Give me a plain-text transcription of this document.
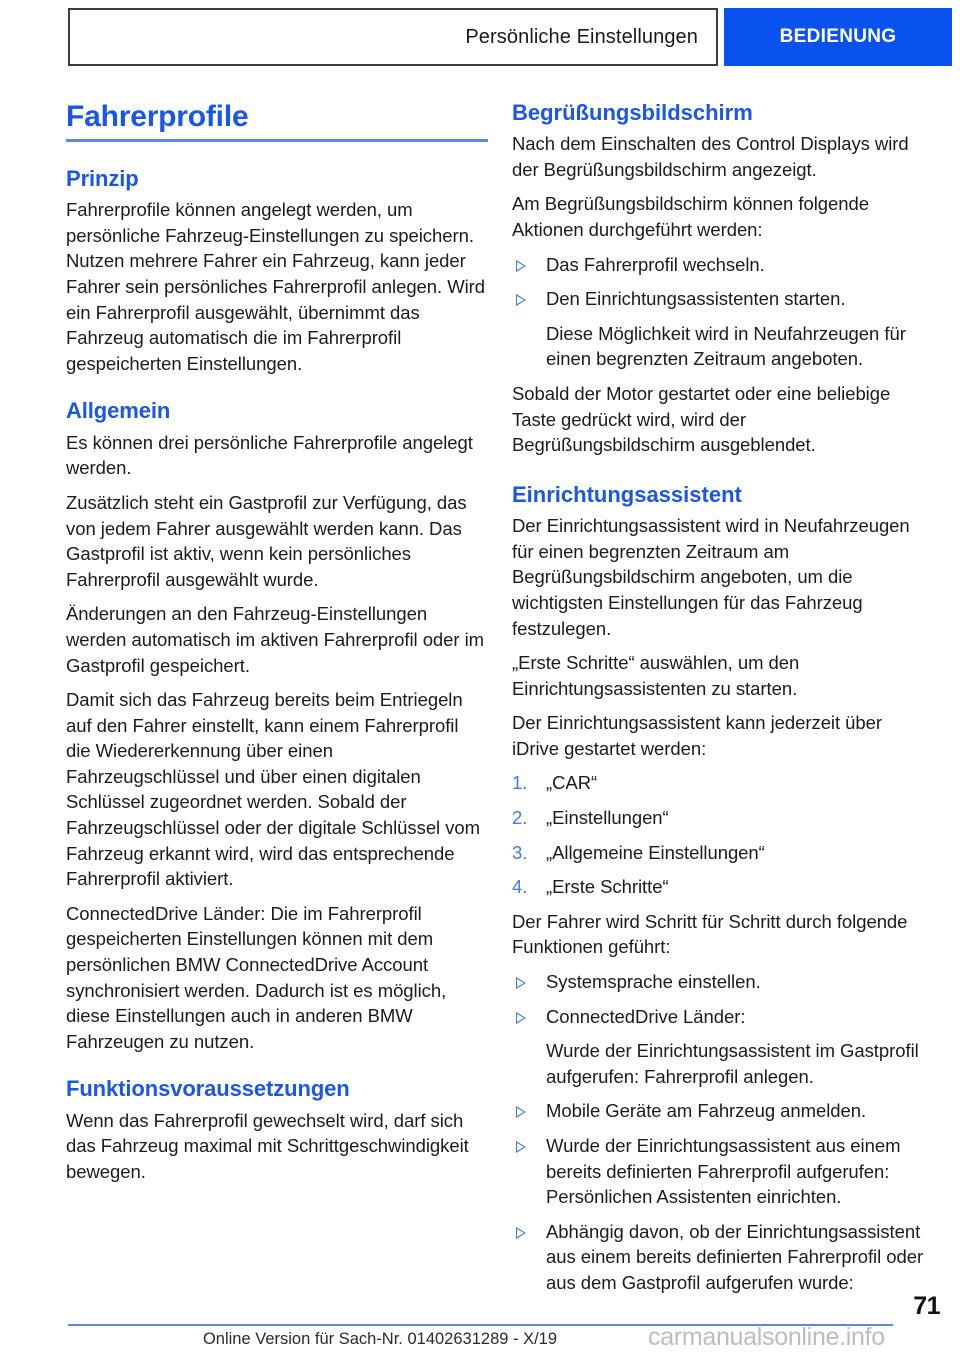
Persönliche Einstellungen	BEDIENUNG
Fahrerprofile
Prinzip

Fahrerprofile können angelegt werden, um persönliche Fahrzeug-Einstellungen zu speichern. Nutzen mehrere Fahrer ein Fahrzeug, kann jeder Fahrer sein persönliches Fahrerprofil anlegen. Wird ein Fahrerprofil ausgewählt, übernimmt das Fahrzeug automatisch die im Fahrerprofil gespeicherten Einstellungen.

Allgemein

Es können drei persönliche Fahrerprofile angelegt werden.

Zusätzlich steht ein Gastprofil zur Verfügung, das von jedem Fahrer ausgewählt werden kann. Das Gastprofil ist aktiv, wenn kein persönliches Fahrerprofil ausgewählt wurde.

Änderungen an den Fahrzeug-Einstellungen werden automatisch im aktiven Fahrerprofil oder im Gastprofil gespeichert.

Damit sich das Fahrzeug bereits beim Entriegeln auf den Fahrer einstellt, kann einem Fahrerprofil die Wiedererkennung über einen Fahrzeugschlüssel und über einen digitalen Schlüssel zugeordnet werden. Sobald der Fahrzeugschlüssel oder der digitale Schlüssel vom Fahrzeug erkannt wird, wird das entsprechende Fahrerprofil aktiviert.

ConnectedDrive Länder: Die im Fahrerprofil gespeicherten Einstellungen können mit dem persönlichen BMW ConnectedDrive Account synchronisiert werden. Dadurch ist es möglich, diese Einstellungen auch in anderen BMW Fahrzeugen zu nutzen.

Funktionsvoraussetzungen

Wenn das Fahrerprofil gewechselt wird, darf sich das Fahrzeug maximal mit Schrittgeschwindigkeit bewegen.

Begrüßungsbildschirm

Nach dem Einschalten des Control Displays wird der Begrüßungsbildschirm angezeigt.

Am Begrüßungsbildschirm können folgende Aktionen durchgeführt werden:

Das Fahrerprofil wechseln.
Den Einrichtungsassistenten starten.

Diese Möglichkeit wird in Neufahrzeugen für einen begrenzten Zeitraum angeboten.

Sobald der Motor gestartet oder eine beliebige Taste gedrückt wird, wird der Begrüßungsbildschirm ausgeblendet.

Einrichtungsassistent

Der Einrichtungsassistent wird in Neufahrzeugen für einen begrenzten Zeitraum am Begrüßungsbildschirm angeboten, um die wichtigsten Einstellungen für das Fahrzeug festzulegen.

„Erste Schritte“ auswählen, um den Einrichtungsassistenten zu starten.

Der Einrichtungsassistent kann jederzeit über iDrive gestartet werden:

1.	„CAR“
2.	„Einstellungen“
3.	„Allgemeine Einstellungen“
4.	„Erste Schritte“

Der Fahrer wird Schritt für Schritt durch folgende Funktionen geführt:

Systemsprache einstellen.
ConnectedDrive Länder:

Wurde der Einrichtungsassistent im Gastprofil aufgerufen: Fahrerprofil anlegen.

Mobile Geräte am Fahrzeug anmelden.
Wurde der Einrichtungsassistent aus einem bereits definierten Fahrerprofil aufgerufen: Persönlichen Assistenten einrichten.
Abhängig davon, ob der Einrichtungsassistent aus einem bereits definierten Fahrerprofil oder aus dem Gastprofil aufgerufen wurde:
71
Online Version für Sach-Nr. 01402631289 - X/19	carmanualsonline.info
